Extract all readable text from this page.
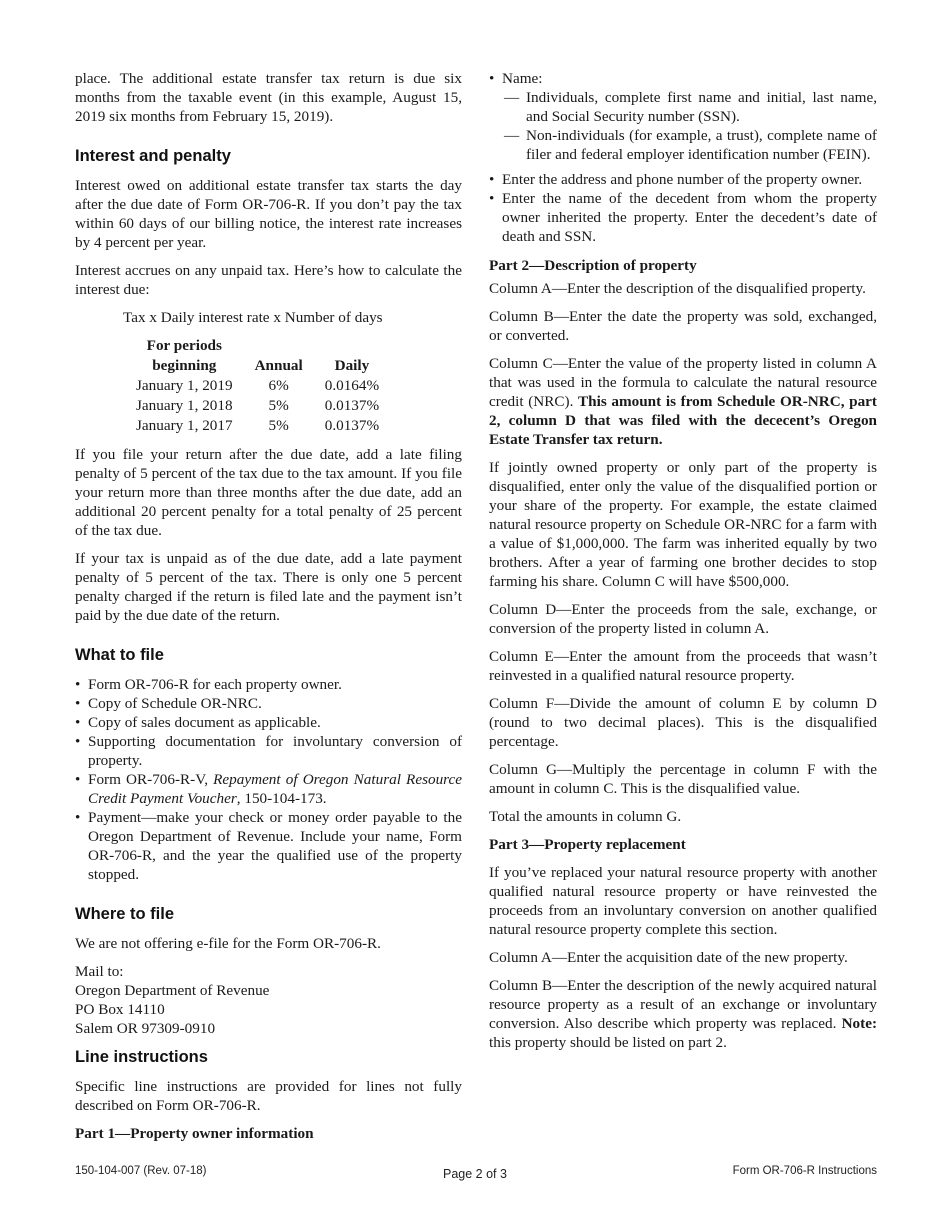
place. The additional estate transfer tax return is due six months from the taxable event (in this example, August 15, 2019 six months from February 15, 2019).

Interest and penalty

Interest owed on additional estate transfer tax starts the day after the due date of Form OR-706-R. If you don’t pay the tax within 60 days of our billing notice, the interest rate increases by 4 percent per year.

Interest accrues on any unpaid tax. Here’s how to calculate the interest due:

Tax x Daily interest rate x Number of days
For periods
beginning	Annual	Daily
January 1, 2019	6%	0.0164%
January 1, 2018	5%	0.0137%
January 1, 2017	5%	0.0137%

If you file your return after the due date, add a late filing penalty of 5 percent of the tax due to the tax amount. If you file your return more than three months after the due date, add an additional 20 percent penalty for a total penalty of 25 percent of the tax due.

If your tax is unpaid as of the due date, add a late payment penalty of 5 percent of the tax. There is only one 5 percent penalty charged if the return is filed late and the payment isn’t paid by the due date of the return.

What to file
• Form OR-706-R for each property owner.
• Copy of Schedule OR-NRC.
• Copy of sales document as applicable.
• Supporting documentation for involuntary conversion of property.
• Form OR-706-R-V, Repayment of Oregon Natural Resource Credit Payment Voucher, 150-104-173.
• Payment—make your check or money order payable to the Oregon Department of Revenue. Include your name, Form OR-706-R, and the year the qualified use of the property stopped.
Where to file

We are not offering e-file for the Form OR-706-R.

Mail to:
Oregon Department of Revenue
PO Box 14110
Salem OR 97309-0910

Line instructions

Specific line instructions are provided for lines not fully described on Form OR-706-R.

Part 1—Property owner information
• Name:
— Individuals, complete first name and initial, last name, and Social Security number (SSN).
— Non-individuals (for example, a trust), complete name of filer and federal employer identification number (FEIN).
• Enter the address and phone number of the property owner.
• Enter the name of the decedent from whom the property owner inherited the property. Enter the decedent’s date of death and SSN.
Part 2—Description of property

Column A—Enter the description of the disqualified property.

Column B—Enter the date the property was sold, exchanged, or converted.

Column C—Enter the value of the property listed in column A that was used in the formula to calculate the natural resource credit (NRC). This amount is from Schedule OR-NRC, part 2, column D that was filed with the dececent’s Oregon Estate Transfer tax return.

If jointly owned property or only part of the property is disqualified, enter only the value of the disqualified portion or your share of the property. For example, the estate claimed natural resource property on Schedule OR-NRC for a farm with a value of $1,000,000. The farm was inherited equally by two brothers. After a year of farming one brother decides to stop farming his share. Column C will have $500,000.

Column D—Enter the proceeds from the sale, exchange, or conversion of the property listed in column A.

Column E—Enter the amount from the proceeds that wasn’t reinvested in a qualified natural resource property.

Column F—Divide the amount of column E by column D (round to two decimal places). This is the disqualified percentage.

Column G—Multiply the percentage in column F with the amount in column C. This is the disqualified value.

Total the amounts in column G.

Part 3—Property replacement

If you’ve replaced your natural resource property with another qualified natural resource property or have reinvested the proceeds from an involuntary conversion on another qualified natural resource property complete this section.

Column A—Enter the acquisition date of the new property.

Column B—Enter the description of the newly acquired natural resource property as a result of an exchange or involuntary conversion. Also describe which property was replaced. Note: this property should be listed on part 2.

150-104-007 (Rev. 07-18)	Page 2 of 3	Form OR-706-R Instructions
